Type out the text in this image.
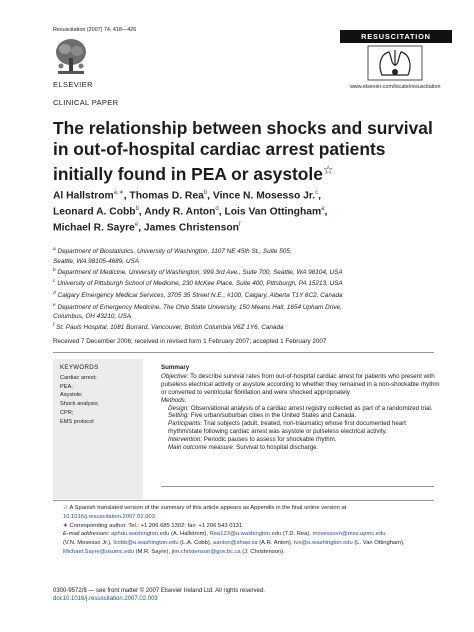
Resuscitation (2007) 74, 418—426
ELSEVIER
RESUSCITATION
www.elsevier.com/locate/resuscitation
CLINICAL PAPER
The relationship between shocks and survival in out-of-hospital cardiac arrest patients initially found in PEA or asystole☆
Al Hallstrom$^{a,∗}$, Thomas D. Rea$^b$, Vince N. Mosesso Jr.$^c$,
Leonard A. Cobb$^b$, Andy R. Anton$^d$, Lois Van Ottingham$^a$,
Michael R. Sayre$^e$, James Christenson$^f$
$^a$ Department of Biostatistics, University of Washington, 1107 NE 45th St., Suite 505,
Seattle, WA 98105-4689, USA
$^b$ Department of Medicine, University of Washington, 999 3rd Ave., Suite 700, Seattle, WA 98104, USA
$^c$ University of Pittsburgh School of Medicine, 230 McKee Place, Suite 400, Pittsburgh, PA 15213, USA
$^d$ Calgary Emergency Medical Services, 3705 35 Street N.E., #100, Calgary, Alberta T1Y 6C2, Canada
$^e$ Department of Emergency Medicine, The Ohio State University, 150 Means Hall, 1654 Upham Drive,
Columbus, OH 43210, USA
$^f$ St. Pauls Hospital, 1081 Burrard, Vancouver, British Columbia V6Z 1Y6, Canada
Received 7 December 2006; received in revised form 1 February 2007; accepted 1 February 2007
KEYWORDS
Cardiac arrest;
PEA;
Asystole;
Shock analysis;
CPR;
EMS protocol

Summary

Objective: To describe survival rates from out-of-hospital cardiac arrest for patients who present with pulseless electrical activity or asystole according to whether they remained in a non-shockable rhythm or converted to ventricular fibrillation and were shocked appropriately.

Methods:

Design: Observational analysis of a cardiac arrest registry collected as part of a randomized trial.

Setting: Five urban/suburban cities in the United States and Canada.

Participants: Trial subjects (adult, treated, non-traumatic) whose first documented heart rhythm/state following cardiac arrest was asystole or pulseless electrical activity.

Intervention: Periodic pauses to assess for shockable rhythm.

Main outcome measure: Survival to hospital discharge.

☆ A Spanish translated version of the summary of this article appears as Appendix in the final online version at
10.1016/j.resuscitation.2007.02.003.

∗ Corresponding author. Tel.: +1 206 685 1302; fax: +1 206 543 0131.

E-mail addresses: aphdu.washington.edu (A. Hallstrom), Rea123@u.washington.edu (T.D. Rea), mosessovn@msx.upmc.edu
(V.N. Mosesso Jr.), lcobb@u.washington.edu (L.A. Cobb), aanton@shaw.ca (A.R. Anton), lvo@u.washington.edu (L. Van Ottingham),
Michael.Sayre@osumc.edu (M.R. Sayre), jim.christenson@gov.bc.ca (J. Christenson).

0300-9572/$ — see front matter © 2007 Elsevier Ireland Ltd. All rights reserved.
doi:10.1016/j.resuscitation.2007.02.003
